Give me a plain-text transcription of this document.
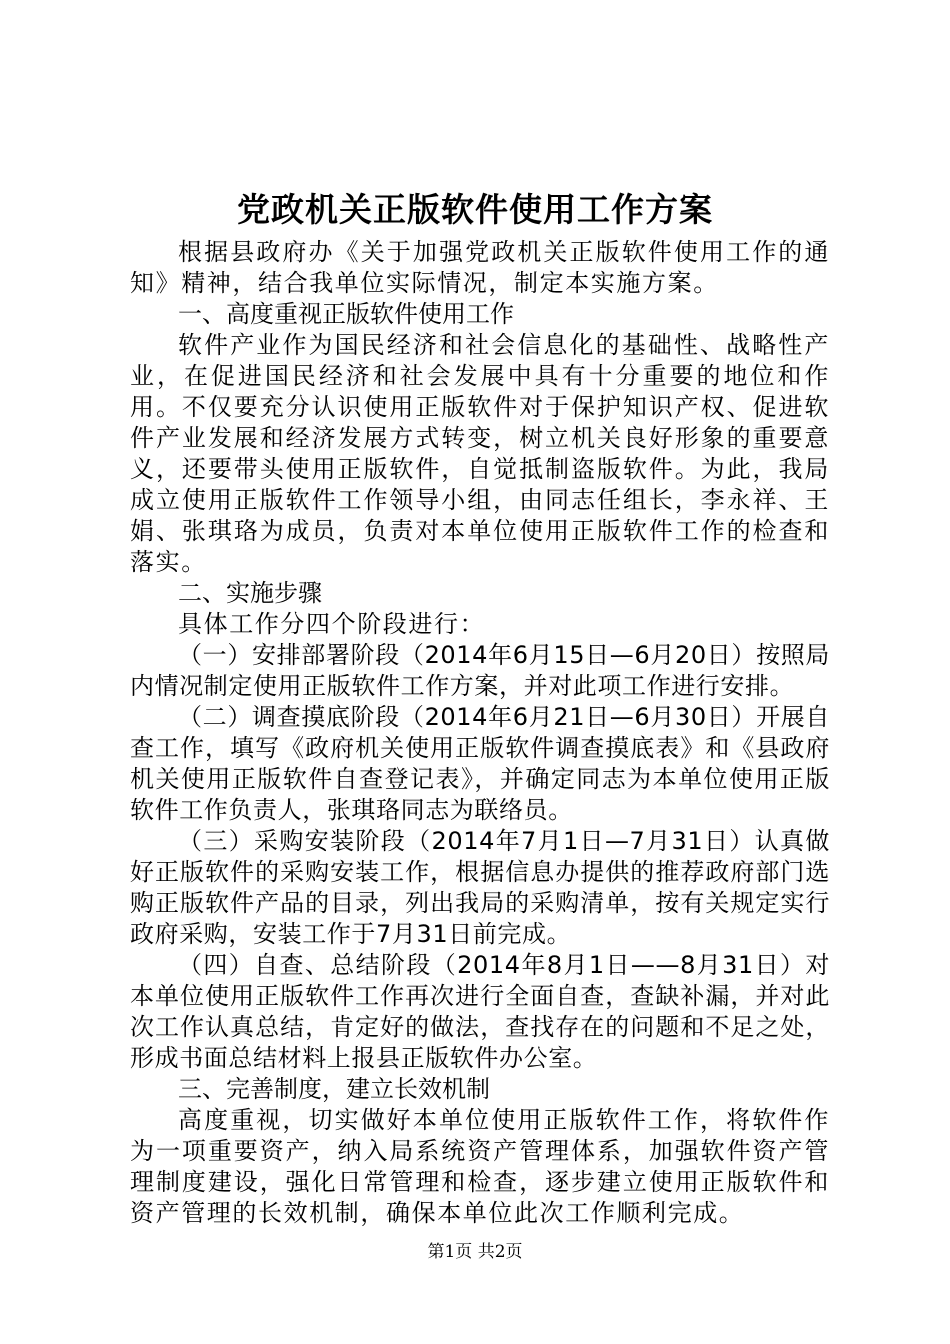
党政机关正版软件使用工作方案

根据县政府办《关于加强党政机关正版软件使用工作的通知》精神，结合我单位实际情况，制定本实施方案。

一、高度重视正版软件使用工作

软件产业作为国民经济和社会信息化的基础性、战略性产业，在促进国民经济和社会发展中具有十分重要的地位和作用。不仅要充分认识使用正版软件对于保护知识产权、促进软件产业发展和经济发展方式转变，树立机关良好形象的重要意义，还要带头使用正版软件，自觉抵制盗版软件。为此，我局成立使用正版软件工作领导小组，由同志任组长，李永祥、王娟、张琪珞为成员，负责对本单位使用正版软件工作的检查和落实。

二、实施步骤

具体工作分四个阶段进行：

（一）安排部署阶段（2014年6月15日—6月20日）按照局内情况制定使用正版软件工作方案，并对此项工作进行安排。

（二）调查摸底阶段（2014年6月21日—6月30日）开展自查工作，填写《政府机关使用正版软件调查摸底表》和《县政府机关使用正版软件自查登记表》，并确定同志为本单位使用正版软件工作负责人，张琪珞同志为联络员。

（三）采购安装阶段（2014年7月1日—7月31日）认真做好正版软件的采购安装工作，根据信息办提供的推荐政府部门选购正版软件产品的目录，列出我局的采购清单，按有关规定实行政府采购，安装工作于7月31日前完成。

（四）自查、总结阶段（2014年8月1日——8月31日）对本单位使用正版软件工作再次进行全面自查，查缺补漏，并对此次工作认真总结，肯定好的做法，查找存在的问题和不足之处，形成书面总结材料上报县正版软件办公室。

三、完善制度，建立长效机制

高度重视，切实做好本单位使用正版软件工作，将软件作为一项重要资产，纳入局系统资产管理体系，加强软件资产管理制度建设，强化日常管理和检查，逐步建立使用正版软件和资产管理的长效机制，确保本单位此次工作顺利完成。

第1页 共2页
